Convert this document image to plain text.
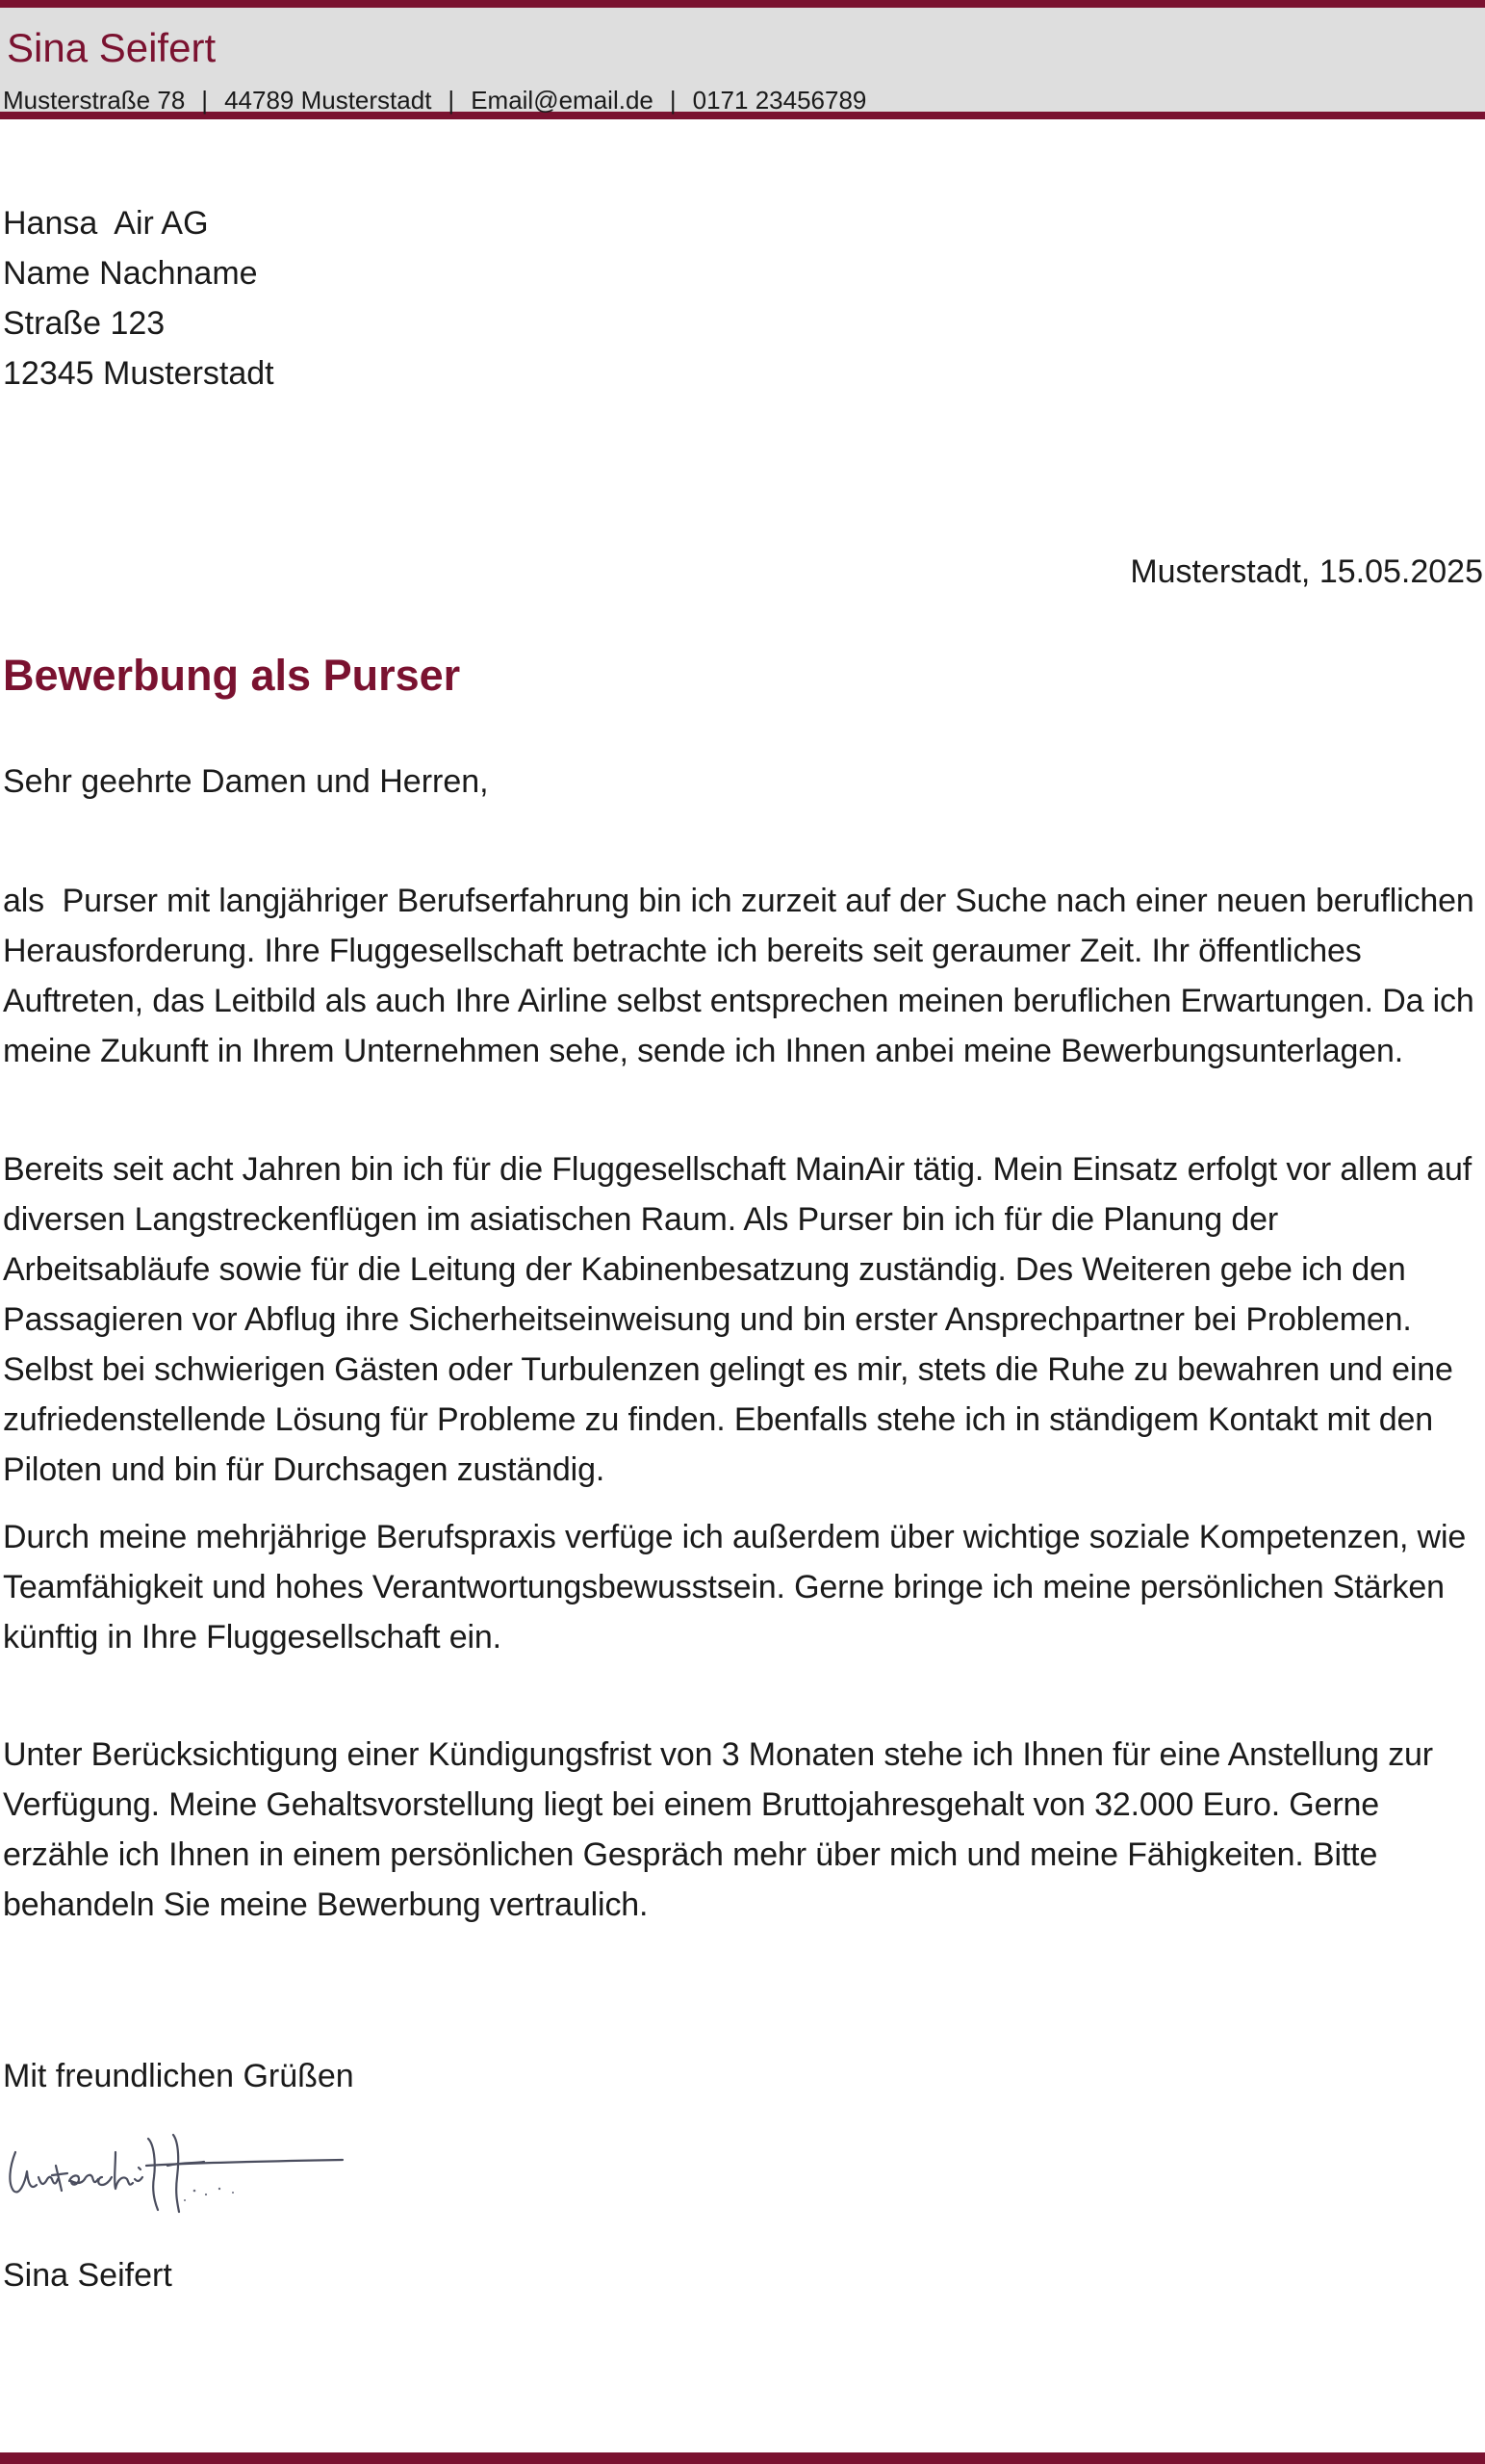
Sina Seifert
Musterstraße 78 | 44789 Musterstadt | Email@email.de | 0171 23456789
Hansa  Air AG
Name Nachname
Straße 123
12345 Musterstadt
Musterstadt, 15.05.2025
Bewerbung als Purser
Sehr geehrte Damen und Herren,
als  Purser mit langjähriger Berufserfahrung bin ich zurzeit auf der Suche nach einer neuen beruflichen Herausforderung. Ihre Fluggesellschaft betrachte ich bereits seit geraumer Zeit. Ihr öffentliches Auftreten, das Leitbild als auch Ihre Airline selbst entsprechen meinen beruflichen Erwartungen. Da ich meine Zukunft in Ihrem Unternehmen sehe, sende ich Ihnen anbei meine Bewerbungsunterlagen.
Bereits seit acht Jahren bin ich für die Fluggesellschaft MainAir tätig. Mein Einsatz erfolgt vor allem auf diversen Langstreckenflügen im asiatischen Raum. Als Purser bin ich für die Planung der Arbeitsabläufe sowie für die Leitung der Kabinenbesatzung zuständig. Des Weiteren gebe ich den Passagieren vor Abflug ihre Sicherheitseinweisung und bin erster Ansprechpartner bei Problemen. Selbst bei schwierigen Gästen oder Turbulenzen gelingt es mir, stets die Ruhe zu bewahren und eine zufriedenstellende Lösung für Probleme zu finden. Ebenfalls stehe ich in ständigem Kontakt mit den Piloten und bin für Durchsagen zuständig.
Durch meine mehrjährige Berufspraxis verfüge ich außerdem über wichtige soziale Kompetenzen, wie Teamfähigkeit und hohes Verantwortungsbewusstsein. Gerne bringe ich meine persönlichen Stärken künftig in Ihre Fluggesellschaft ein.
Unter Berücksichtigung einer Kündigungsfrist von 3 Monaten stehe ich Ihnen für eine Anstellung zur Verfügung. Meine Gehaltsvorstellung liegt bei einem Bruttojahresgehalt von 32.000 Euro. Gerne erzähle ich Ihnen in einem persönlichen Gespräch mehr über mich und meine Fähigkeiten. Bitte behandeln Sie meine Bewerbung vertraulich.
Mit freundlichen Grüßen
Sina Seifert
